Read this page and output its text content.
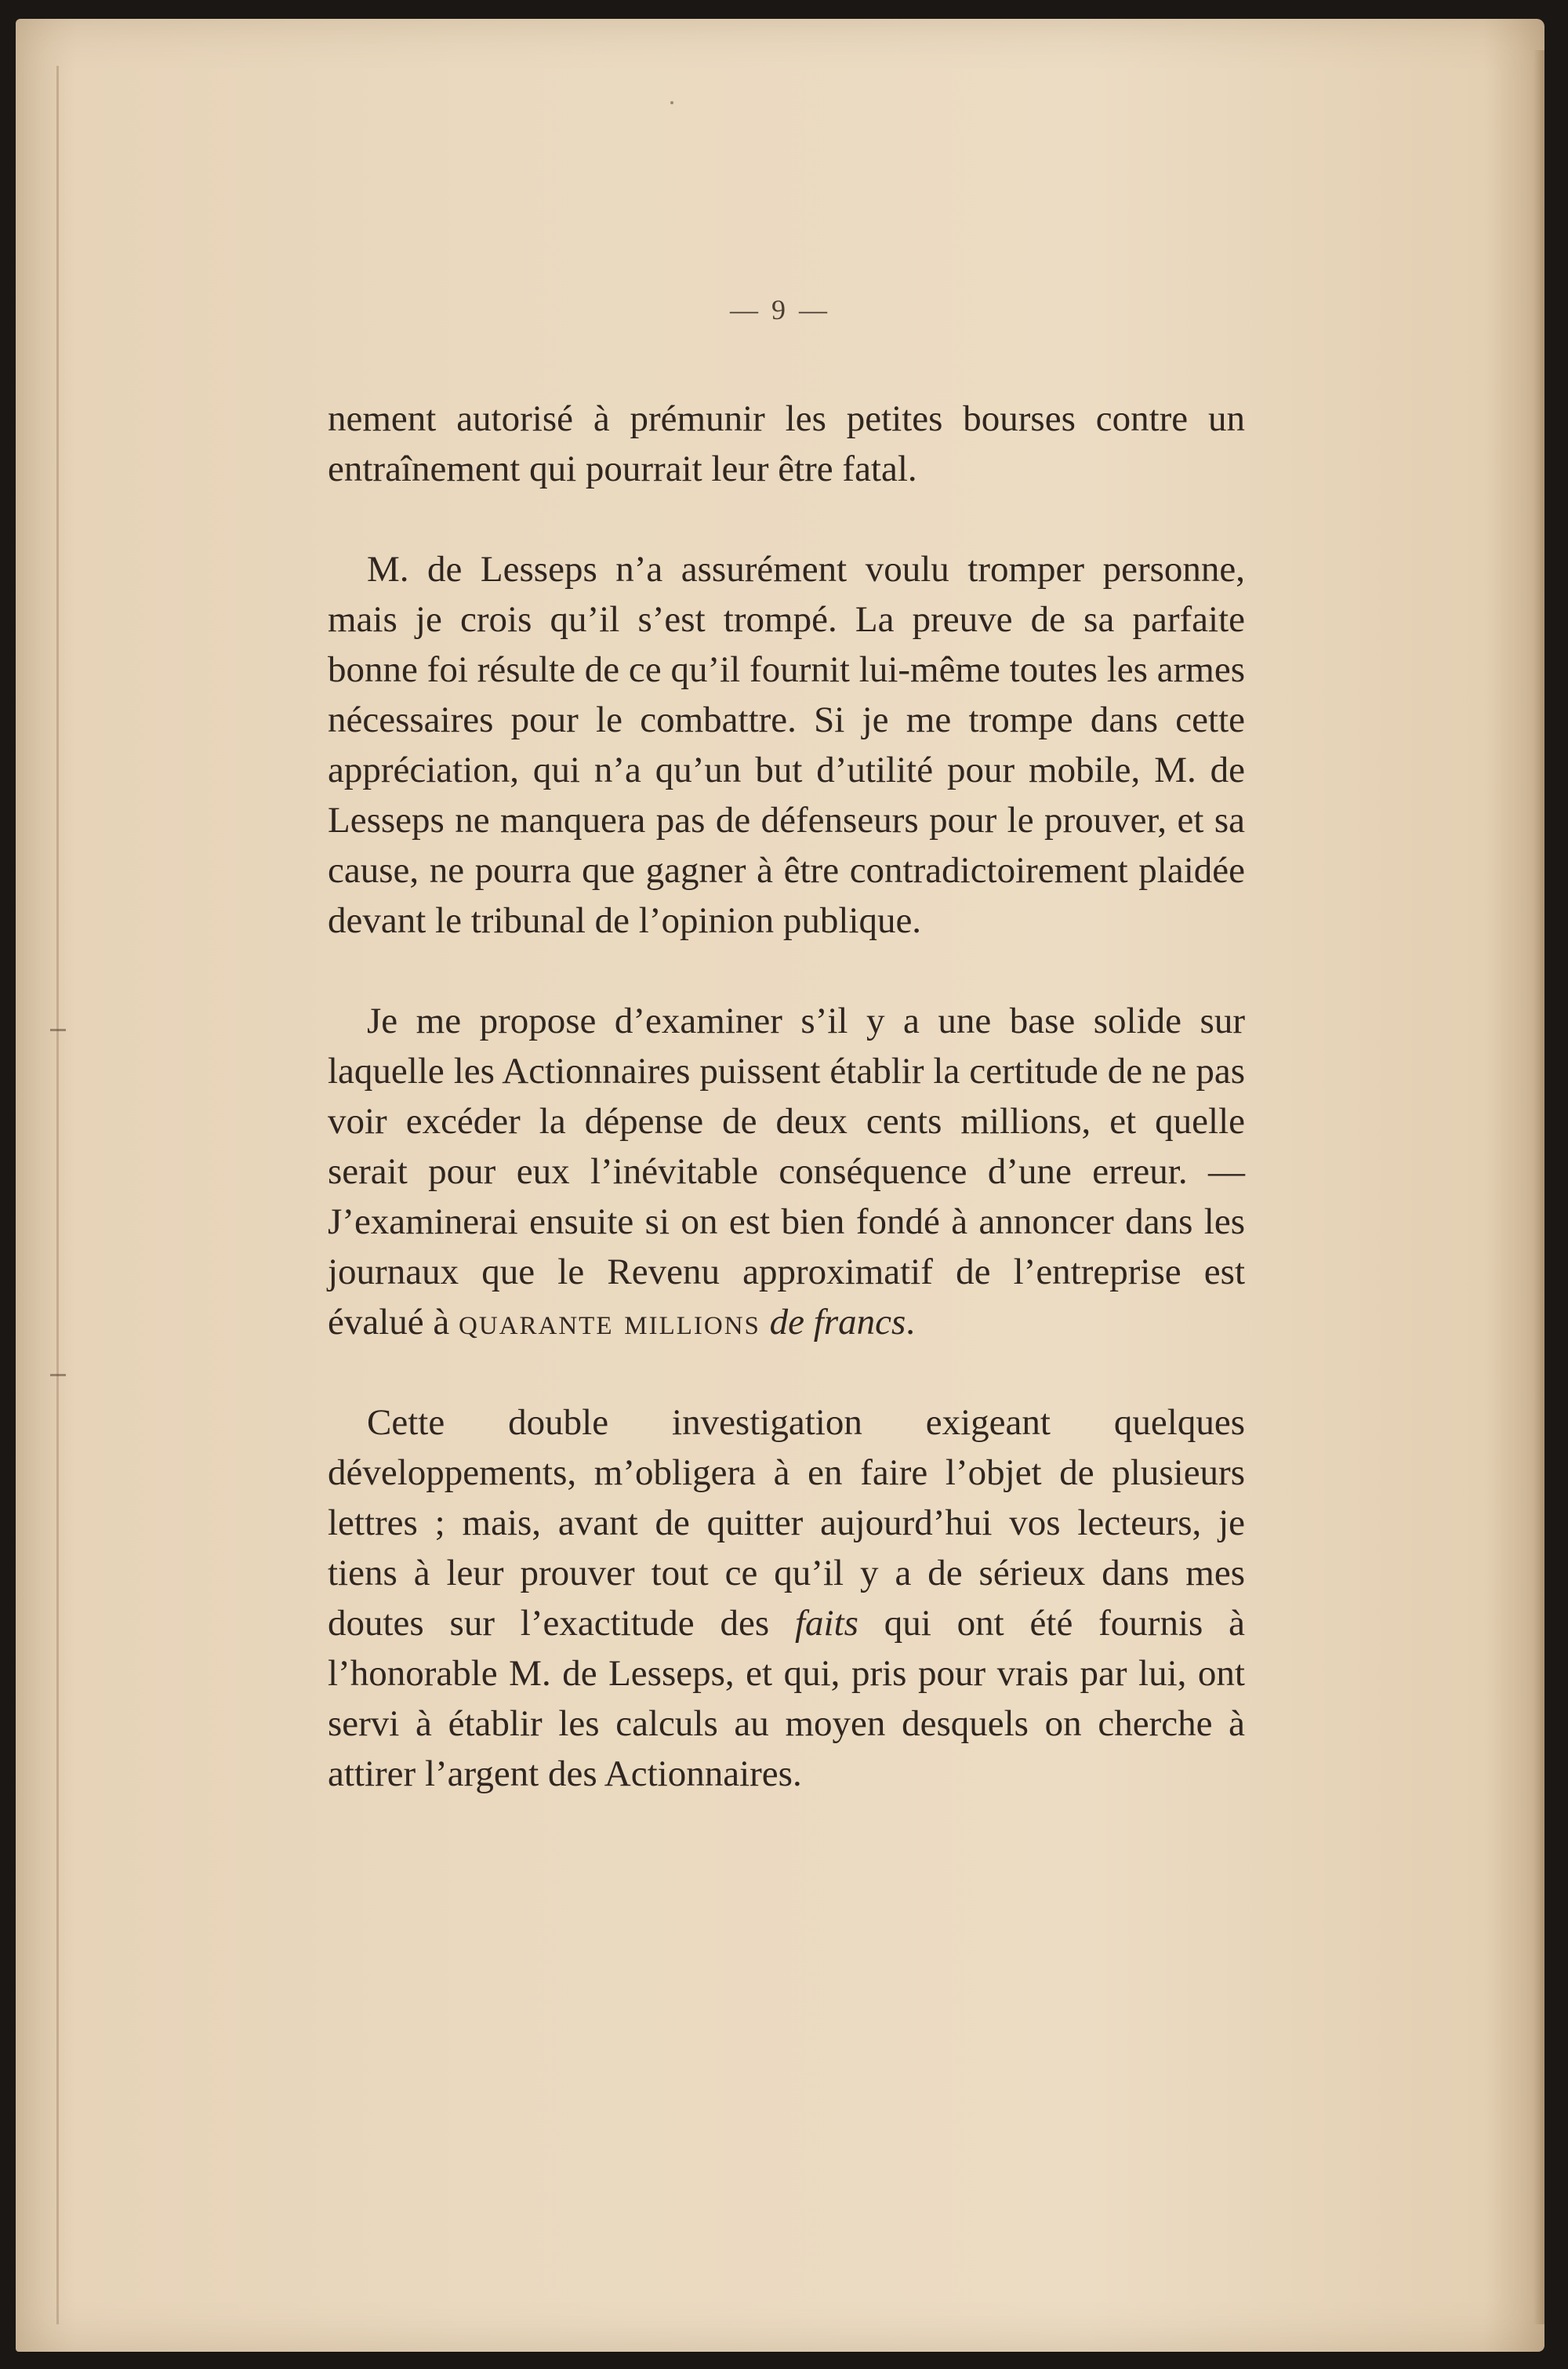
— 9 —

nement autorisé à prémunir les petites bourses contre un entraînement qui pourrait leur être fatal.

M. de Lesseps n’a assurément voulu tromper personne, mais je crois qu’il s’est trompé. La preuve de sa parfaite bonne foi résulte de ce qu’il fournit lui-même toutes les armes nécessaires pour le combattre. Si je me trompe dans cette appréciation, qui n’a qu’un but d’utilité pour mobile, M. de Lesseps ne manquera pas de défenseurs pour le prouver, et sa cause, ne pourra que gagner à être contradictoirement plaidée devant le tribunal de l’opinion publique.

Je me propose d’examiner s’il y a une base solide sur laquelle les Actionnaires puissent établir la certitude de ne pas voir excéder la dépense de deux cents millions, et quelle serait pour eux l’inévitable conséquence d’une erreur. — J’examinerai ensuite si on est bien fondé à annoncer dans les journaux que le Revenu approximatif de l’entreprise est évalué à quarante millions de francs.

Cette double investigation exigeant quelques développements, m’obligera à en faire l’objet de plusieurs lettres ; mais, avant de quitter aujourd’hui vos lecteurs, je tiens à leur prouver tout ce qu’il y a de sérieux dans mes doutes sur l’exactitude des faits qui ont été fournis à l’honorable M. de Lesseps, et qui, pris pour vrais par lui, ont servi à établir les calculs au moyen desquels on cherche à attirer l’argent des Actionnaires.
